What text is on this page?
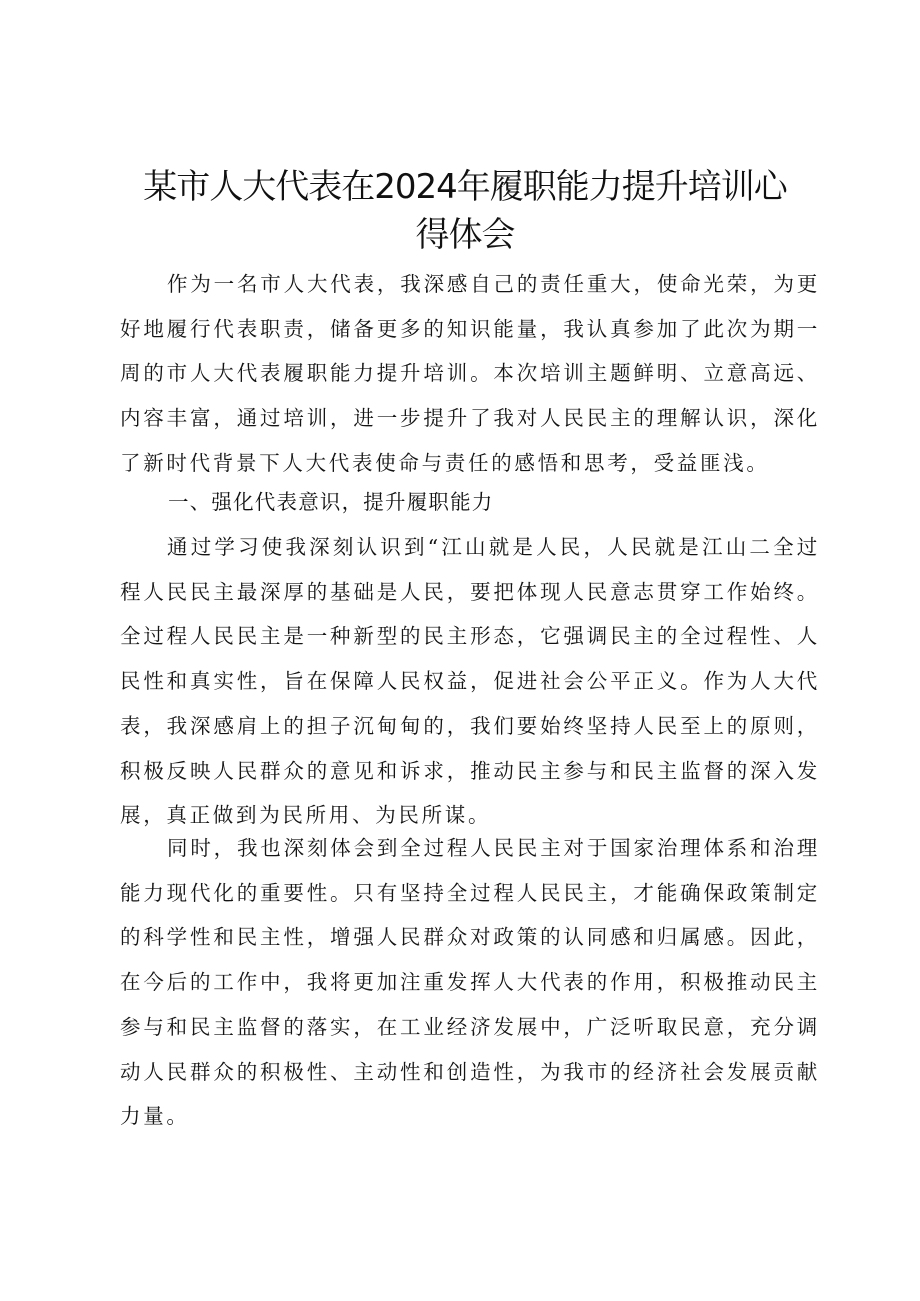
某市人大代表在2024年履职能力提升培训心
得体会

作为一名市人大代表，我深感自己的责任重大，使命光荣，为更好地履行代表职责，储备更多的知识能量，我认真参加了此次为期一周的市人大代表履职能力提升培训。本次培训主题鲜明、立意高远、内容丰富，通过培训，进一步提升了我对人民民主的理解认识，深化了新时代背景下人大代表使命与责任的感悟和思考，受益匪浅。

一、强化代表意识，提升履职能力

通过学习使我深刻认识到“江山就是人民，人民就是江山二全过程人民民主最深厚的基础是人民，要把体现人民意志贯穿工作始终。全过程人民民主是一种新型的民主形态，它强调民主的全过程性、人民性和真实性，旨在保障人民权益，促进社会公平正义。作为人大代表，我深感肩上的担子沉甸甸的，我们要始终坚持人民至上的原则，积极反映人民群众的意见和诉求，推动民主参与和民主监督的深入发展，真正做到为民所用、为民所谋。

同时，我也深刻体会到全过程人民民主对于国家治理体系和治理能力现代化的重要性。只有坚持全过程人民民主，才能确保政策制定的科学性和民主性，增强人民群众对政策的认同感和归属感。因此，在今后的工作中，我将更加注重发挥人大代表的作用，积极推动民主参与和民主监督的落实，在工业经济发展中，广泛听取民意，充分调动人民群众的积极性、主动性和创造性，为我市的经济社会发展贡献力量。
